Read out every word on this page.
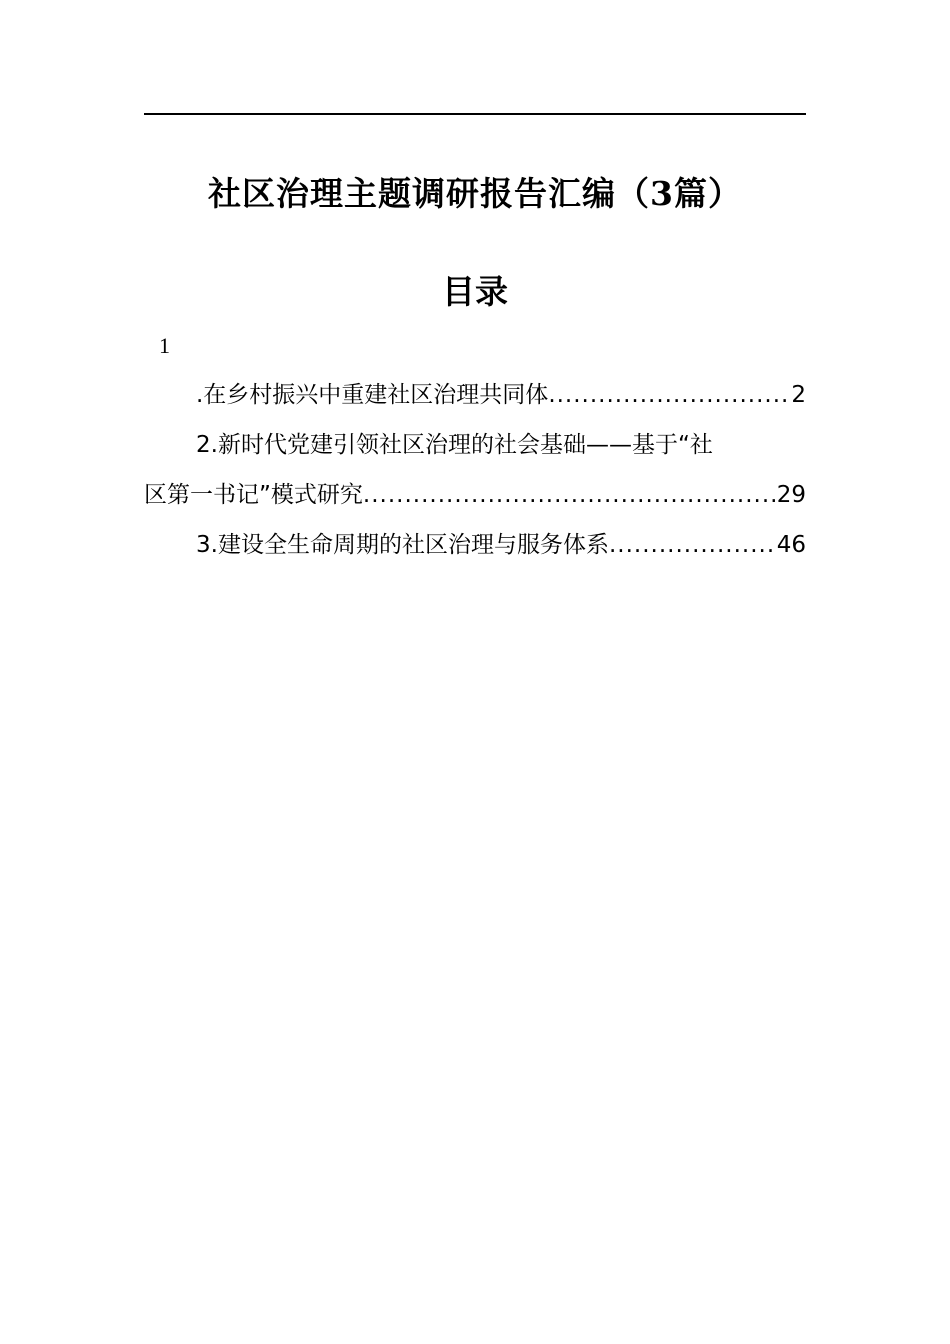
社区治理主题调研报告汇编（3篇）
目录
1
.在乡村振兴中重建社区治理共同体 .....	2
2.新时代党建引领社区治理的社会基础——基于“社
区第一书记”模式研究 .....	29
3.建设全生命周期的社区治理与服务体系 .....	46
